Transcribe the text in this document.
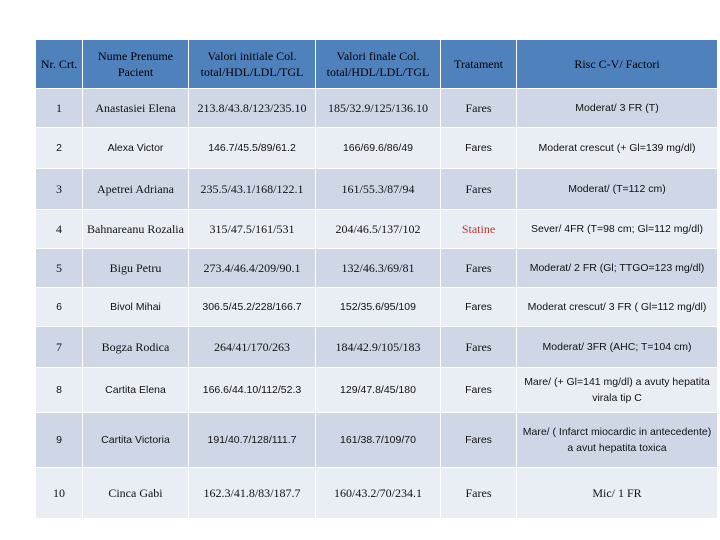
Nr. Crt.	Nume Prenume Pacient	Valori initiale Col. total/HDL/LDL/TGL	Valori finale Col. total/HDL/LDL/TGL	Tratament	Risc C-V/ Factori
1	Anastasiei Elena	213.8/43.8/123/235.10	185/32.9/125/136.10	Fares	Moderat/ 3 FR (T)
2	Alexa Victor	146.7/45.5/89/61.2	166/69.6/86/49	Fares	Moderat crescut (+ Gl=139 mg/dl)
3	Apetrei Adriana	235.5/43.1/168/122.1	161/55.3/87/94	Fares	Moderat/ (T=112 cm)
4	Bahnareanu Rozalia	315/47.5/161/531	204/46.5/137/102	Statine	Sever/ 4FR (T=98 cm; Gl=112 mg/dl)
5	Bigu Petru	273.4/46.4/209/90.1	132/46.3/69/81	Fares	Moderat/ 2 FR (Gl; TTGO=123 mg/dl)
6	Bivol Mihai	306.5/45.2/228/166.7	152/35.6/95/109	Fares	Moderat crescut/ 3 FR ( Gl=112 mg/dl)
7	Bogza Rodica	264/41/170/263	184/42.9/105/183	Fares	Moderat/ 3FR (AHC; T=104 cm)
8	Cartita Elena	166.6/44.10/112/52.3	129/47.8/45/180	Fares	Mare/ (+ Gl=141 mg/dl) a avuty hepatita virala tip C
9	Cartita Victoria	191/40.7/128/111.7	161/38.7/109/70	Fares	Mare/ ( Infarct miocardic in antecedente) a avut hepatita toxica
10	Cinca Gabi	162.3/41.8/83/187.7	160/43.2/70/234.1	Fares	Mic/ 1 FR
